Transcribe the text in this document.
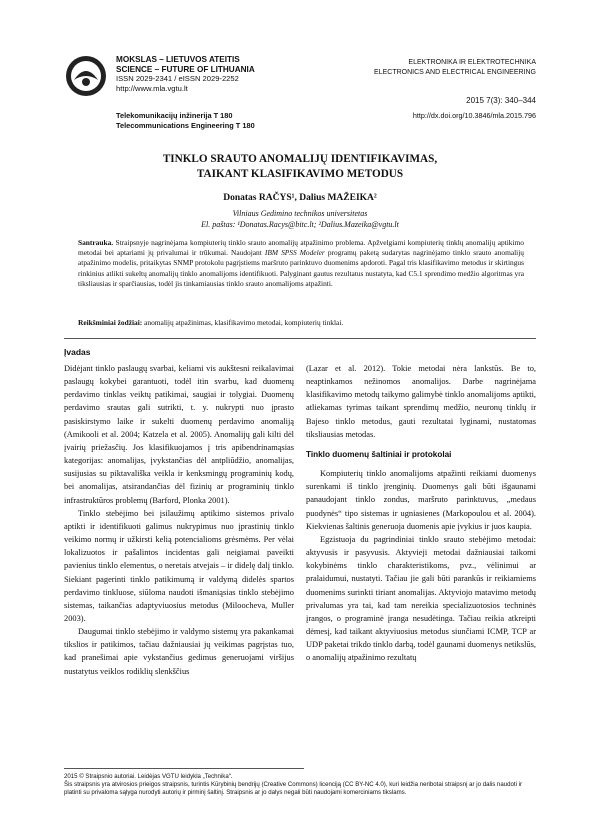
MOKSLAS – LIETUVOS ATEITIS
SCIENCE – FUTURE OF LITHUANIA
ISSN 2029-2341 / eISSN 2029-2252
http://www.mla.vgtu.lt
ELEKTRONIKA IR ELEKTROTECHNIKA
ELECTRONICS AND ELECTRICAL ENGINEERING
2015 7(3): 340–344
Telekomunikacijų inžinerija T 180
Telecommunications Engineering T 180
http://dx.doi.org/10.3846/mla.2015.796
TINKLO SRAUTO ANOMALIJŲ IDENTIFIKAVIMAS,
TAIKANT KLASIFIKAVIMO METODUS
Donatas RAČYS¹, Dalius MAŽEIKA²
Vilniaus Gedimino technikos universitetas
El. paštas: ¹Donatas.Racys@bitc.lt; ²Dalius.Mazeika@vgtu.lt
Santrauka. Straipsnyje nagrinėjama kompiuterių tinklo srauto anomalijų atpažinimo problema. Apžvelgiami kompiuterių tinklų anomalijų aptikimo metodai bei aptariami jų privalumai ir trūkumai. Naudojant IBM SPSS Modeler programų paketą sudarytas nagrinėjamo tinklo srauto anomalijų atpažinimo modelis, pritaikytas SNMP protokolu pagrįstiems maršruto parinktuvo duomenims apdoroti. Pagal tris klasifikavimo metodus ir skirtingus rinkinius atlikti sukeltų anomalijų tinklo anomalijoms identifikuoti. Palyginant gautus rezultatus nustatyta, kad C5.1 sprendimo medžio algoritmas yra tiksliausias ir sparčiausias, todėl jis tinkamiausias tinklo srauto anomalijoms atpažinti.
Reikšminiai žodžiai: anomalijų atpažinimas, klasifikavimo metodai, kompiuterių tinklai.
Įvadas

Didėjant tinklo paslaugų svarbai, keliami vis aukštesni reikalavimai paslaugų kokybei garantuoti, todėl itin svarbu, kad duomenų perdavimo tinklas veiktų patikimai, saugiai ir tolygiai. Duomenų perdavimo srautas gali sutrikti, t. y. nukrypti nuo įprasto pasiskirstymo laike ir sukelti duomenų perdavimo anomaliją (Amikooli et al. 2004; Katzela et al. 2005). Anomalijų gali kilti dėl įvairių priežasčių. Jos klasifikuojamos į tris apibendrinamąsias kategorijas: anomalijas, įvykstančias dėl antpliūdžio, anomalijas, susijusias su piktavališka veikla ir kenksmingų programinių kodų, bei anomalijas, atsirandančias dėl fizinių ar programinių tinklo infrastruktūros problemų (Barford, Plonka 2001).

Tinklo stebėjimo bei įsilaužimų aptikimo sistemos privalo aptikti ir identifikuoti galimus nukrypimus nuo įprastinių tinklo veikimo normų ir užkirsti kelią potencialioms grėsmėms. Per vėlai lokalizuotos ir pašalintos incidentas gali neigiamai paveikti pavienius tinklo elementus, o neretais atvejais – ir didelę dalį tinklo. Siekiant pagerinti tinklo patikimumą ir valdymą didelės spartos perdavimo tinkluose, siūloma naudoti išmaniąsias tinklo stebėjimo sistemas, taikančias adaptyviuosius metodus (Miloocheva, Muller 2003).

Daugumai tinklo stebėjimo ir valdymo sistemų yra pakankamai tikslios ir patikimos, tačiau dažniausiai jų veikimas pagrįstas tuo, kad pranešimai apie vykstančius gedimus generuojami viršijus nustatytus veiklos rodiklių slenkščius

(Lazar et al. 2012). Tokie metodai nėra lankstūs. Be to, neaptinkamos nežinomos anomalijos. Darbe nagrinėjama klasifikavimo metodų taikymo galimybė tinklo anomalijoms aptikti, atliekamas tyrimas taikant sprendimų medžio, neuronų tinklų ir Bajeso tinklo metodus, gauti rezultatai lyginami, nustatomas tiksliausias metodas.

Tinklo duomenų šaltiniai ir protokolai

Kompiuterių tinklo anomalijoms atpažinti reikiami duomenys surenkami iš tinklo įrenginių. Duomenys gali būti išgaunami panaudojant tinklo zondus, maršruto parinktuvus, „medaus puodynės“ tipo sistemas ir ugniasienes (Markopoulou et al. 2004). Kiekvienas šaltinis generuoja duomenis apie įvykius ir juos kaupia.

Egzistuoja du pagrindiniai tinklo srauto stebėjimo metodai: aktyvusis ir pasyvusis. Aktyvieji metodai dažniausiai taikomi kokybinėms tinklo charakteristikoms, pvz., vėlinimui ar pralaidumui, nustatyti. Tačiau jie gali būti parankūs ir reikiamiems duomenims surinkti tiriant anomalijas. Aktyviojo matavimo metodų privalumas yra tai, kad tam nereikia specializuotosios techninės įrangos, o programinė įranga nesudėtinga. Tačiau reikia atkreipti dėmesį, kad taikant aktyviuosius metodus siunčiami ICMP, TCP ar UDP paketai trikdo tinklo darbą, todėl gaunami duomenys netikslūs, o anomalijų atpažinimo rezultatų

2015 © Straipsnio autoriai. Leidėjas VGTU leidykla „Technika“.
Šis straipsnis yra atvirosios prieigos straipsnis, turintis Kūrybinių bendrijų (Creative Commons) licenciją (CC BY-NC 4.0), kuri leidžia neribotai straipsnį ar jo dalis naudoti ir platinti su privaloma sąlyga nurodyti autorių ir pirminį šaltinį. Straipsnis ar jo dalys negali būti naudojami komerciniams tikslams.
